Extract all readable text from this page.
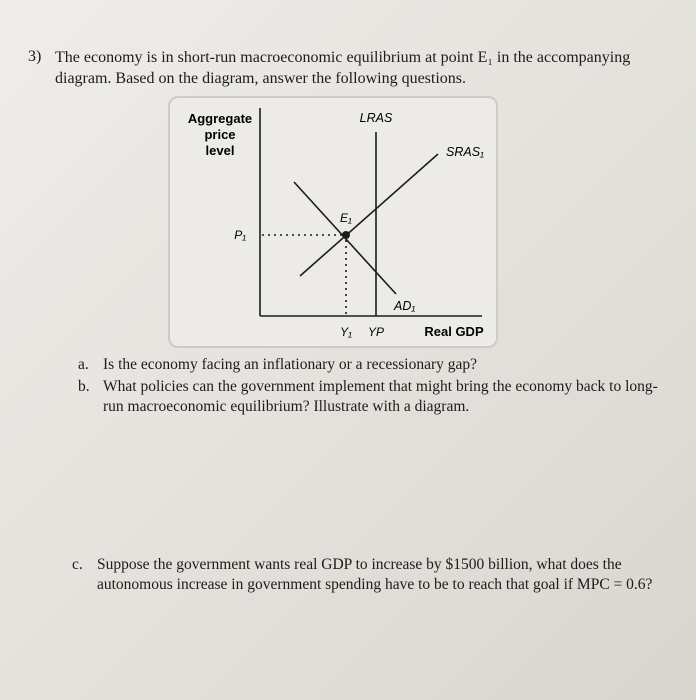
3) The economy is in short-run macroeconomic equilibrium at point E₁ in the accompanying
diagram. Based on the diagram, answer the following questions.
Aggregate
price
level
LRAS
SRAS₁
AD₁
E₁
P₁
Y₁ YP	Real GDP
a. Is the economy facing an inflationary or a recessionary gap?
b. What policies can the government implement that might bring the economy back to long-
run macroeconomic equilibrium? Illustrate with a diagram.
c. Suppose the government wants real GDP to increase by $1500 billion, what does the
autonomous increase in government spending have to be to reach that goal if MPC = 0.6?
